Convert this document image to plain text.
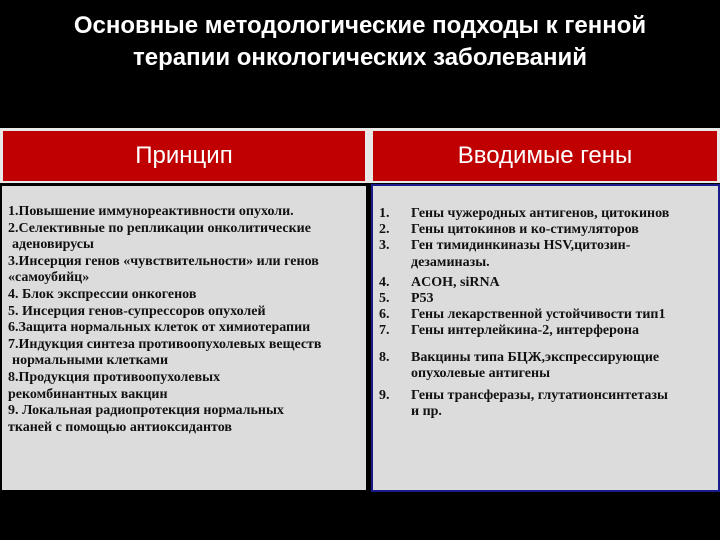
Основные методологические подходы к генной
терапии онкологических заболеваний
Принцип	Вводимые гены
1.Повышение иммунореактивности опухоли.
2.Селективные по репликации онколитические
аденовирусы
3.Инсерция генов «чувствительности» или генов
«самоубийц»
4. Блок экспрессии онкогенов
5. Инсерция генов-супрессоров опухолей
6.Защита нормальных клеток от химиотерапии
7.Индукция синтеза противоопухолевых веществ
нормальными клетками
8.Продукция противоопухолевых
рекомбинантных вакцин
9. Локальная радиопротекция нормальных
тканей с помощью антиоксидантов
1.	Гены чужеродных антигенов, цитокинов
2.	Гены цитокинов и ко-стимуляторов
3.	Ген тимидинкиназы HSV,цитозин-
дезаминазы.
4.	ACOH, siRNA
5.	P53
6.	Гены лекарственной устойчивости тип1
7.	Гены интерлейкина-2, интерферона
8.	Вакцины типа БЦЖ,экспрессирующие
опухолевые антигены
9.	Гены трансферазы, глутатионсинтетазы
и пр.
